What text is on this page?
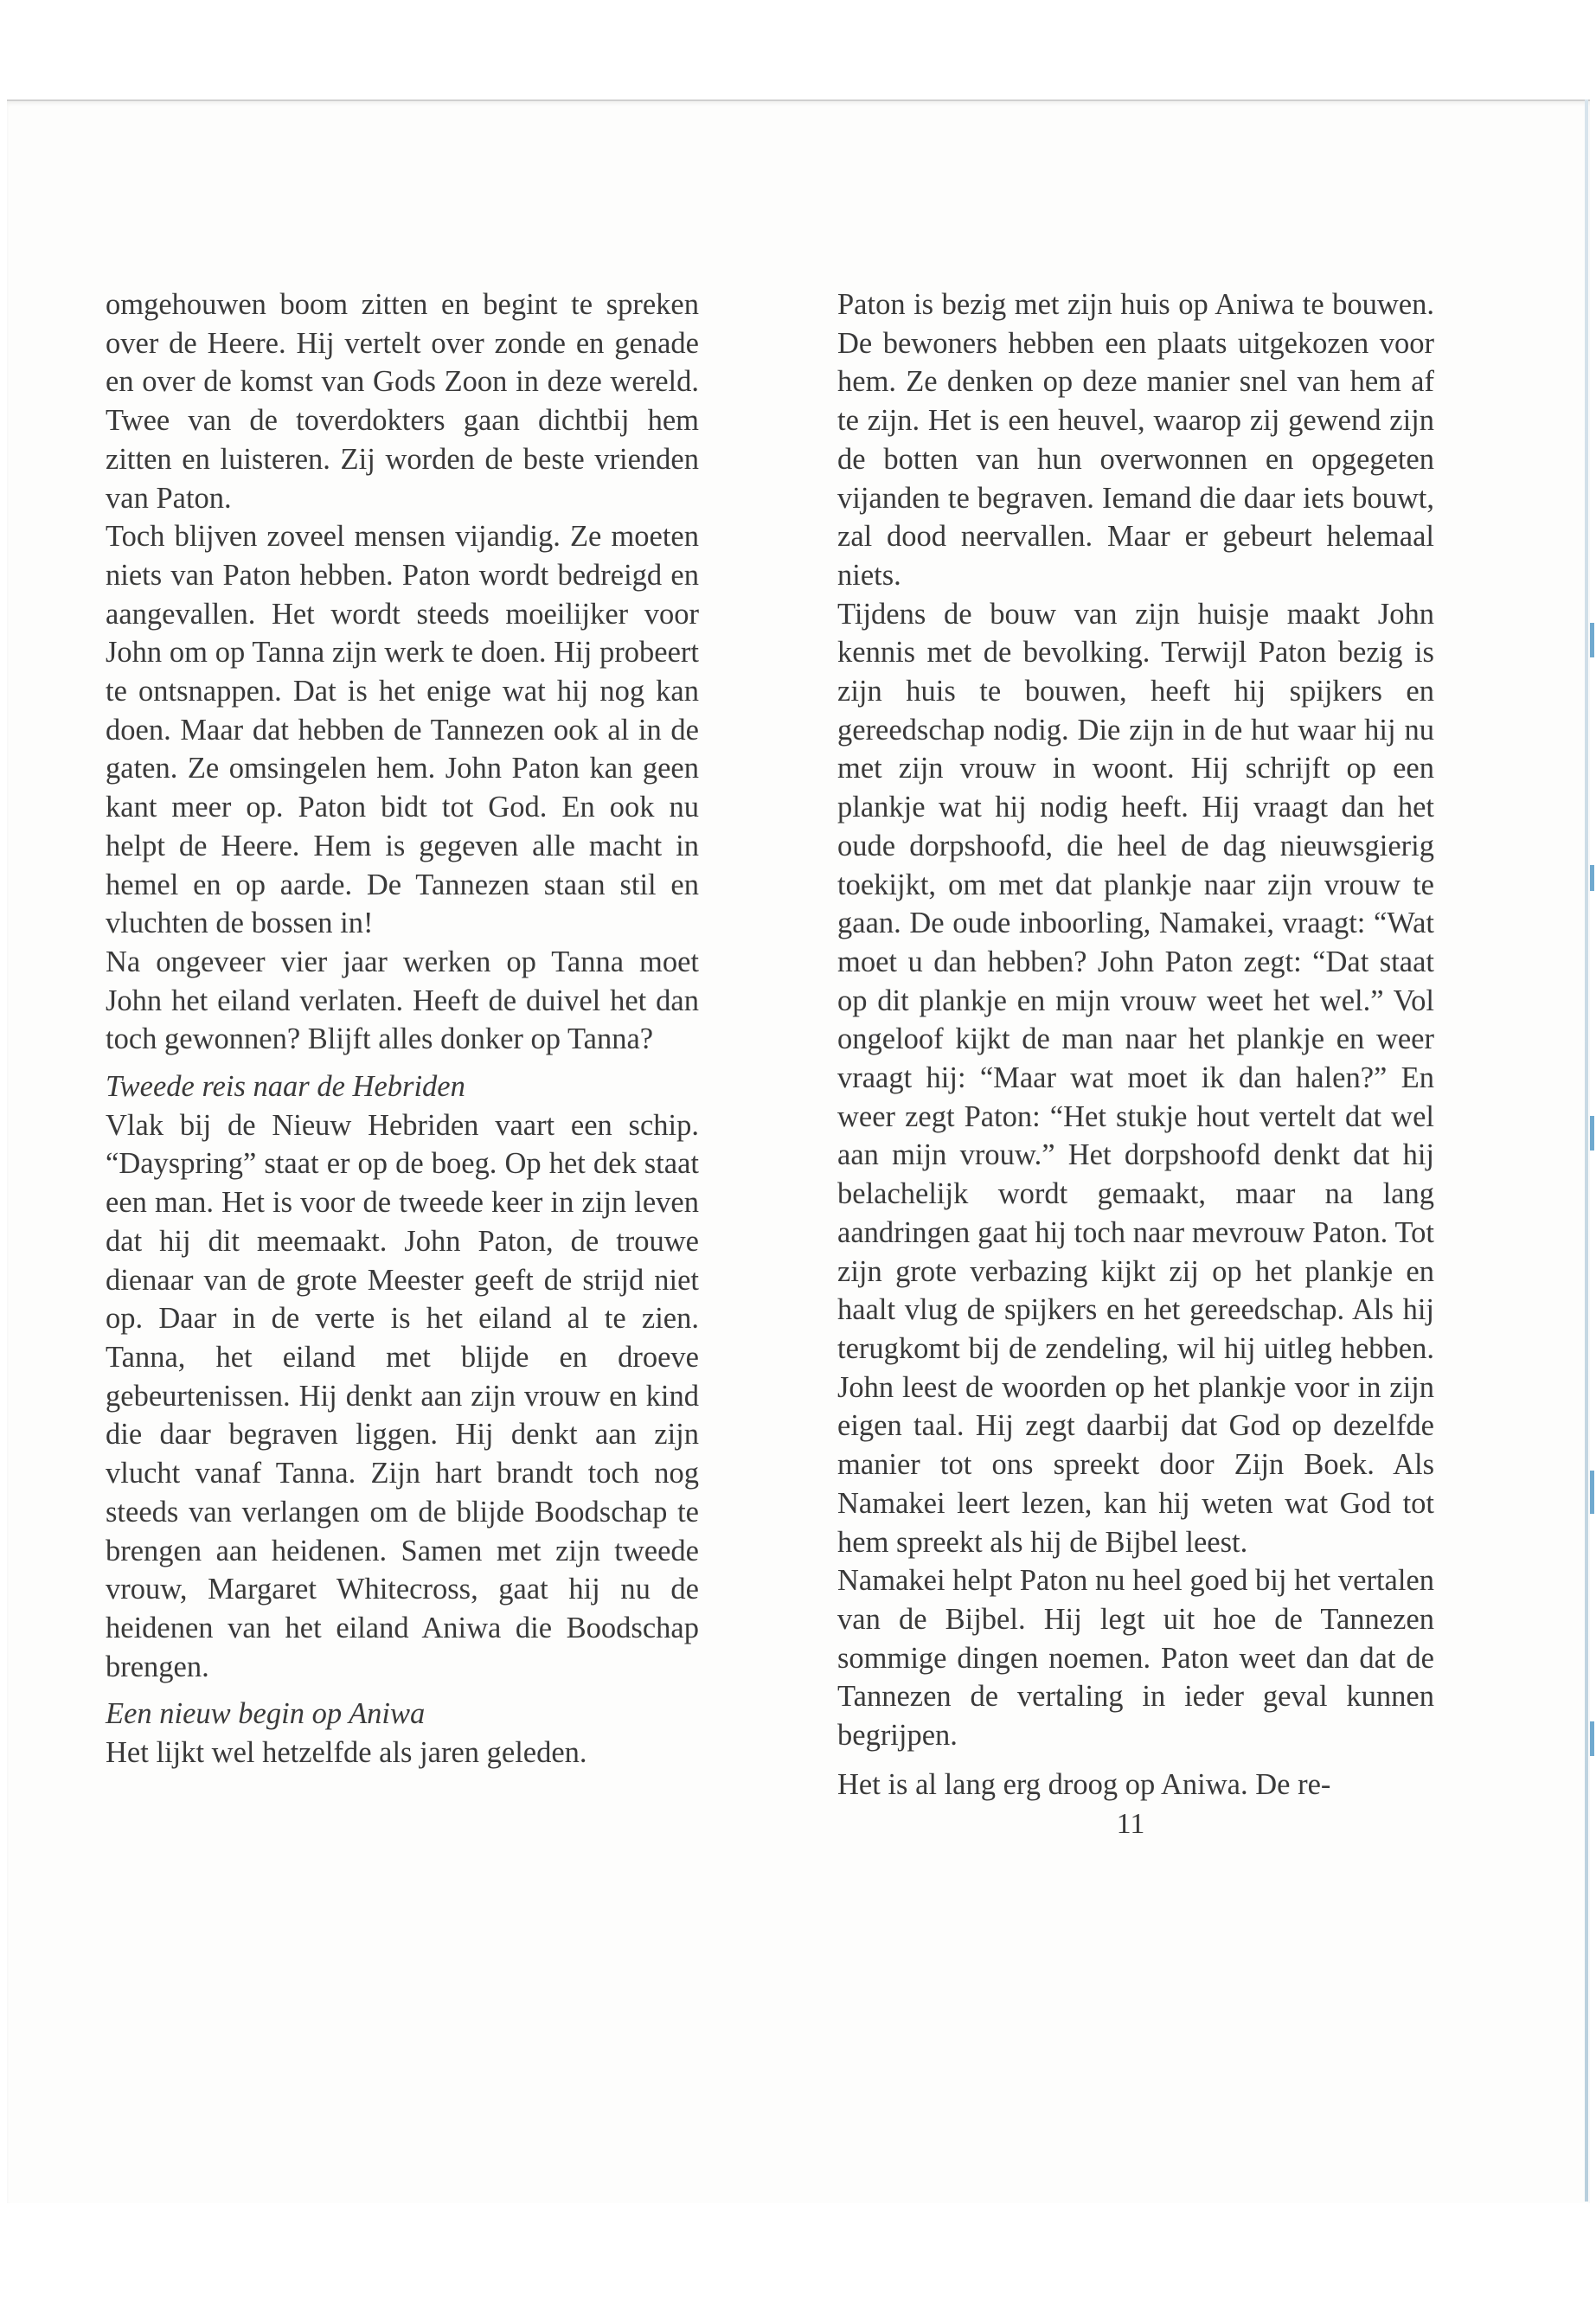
omgehouwen boom zitten en begint te spreken over de Heere. Hij vertelt over zonde en genade en over de komst van Gods Zoon in deze wereld. Twee van de toverdokters gaan dichtbij hem zitten en luisteren. Zij worden de beste vrienden van Paton.

Toch blijven zoveel mensen vijandig. Ze moeten niets van Paton hebben. Paton wordt bedreigd en aangevallen. Het wordt steeds moeilijker voor John om op Tanna zijn werk te doen. Hij probeert te ontsnappen. Dat is het enige wat hij nog kan doen. Maar dat hebben de Tannezen ook al in de gaten. Ze omsingelen hem. John Paton kan geen kant meer op. Paton bidt tot God. En ook nu helpt de Heere. Hem is gegeven alle macht in hemel en op aarde. De Tannezen staan stil en vluchten de bossen in!

Na ongeveer vier jaar werken op Tanna moet John het eiland verlaten. Heeft de duivel het dan toch gewonnen? Blijft alles donker op Tanna?

Tweede reis naar de Hebriden

Vlak bij de Nieuw Hebriden vaart een schip. “Dayspring” staat er op de boeg. Op het dek staat een man. Het is voor de tweede keer in zijn leven dat hij dit meemaakt. John Paton, de trouwe dienaar van de grote Meester geeft de strijd niet op. Daar in de verte is het eiland al te zien. Tanna, het eiland met blijde en droeve gebeurtenissen. Hij denkt aan zijn vrouw en kind die daar begraven liggen. Hij denkt aan zijn vlucht vanaf Tanna. Zijn hart brandt toch nog steeds van verlangen om de blijde Boodschap te brengen aan heidenen. Samen met zijn tweede vrouw, Margaret Whitecross, gaat hij nu de heidenen van het eiland Aniwa die Boodschap brengen.

Een nieuw begin op Aniwa

Het lijkt wel hetzelfde als jaren geleden.

Paton is bezig met zijn huis op Aniwa te bouwen. De bewoners hebben een plaats uitgekozen voor hem. Ze denken op deze manier snel van hem af te zijn. Het is een heuvel, waarop zij gewend zijn de botten van hun overwonnen en opgegeten vijanden te begraven. Iemand die daar iets bouwt, zal dood neervallen. Maar er gebeurt helemaal niets.

Tijdens de bouw van zijn huisje maakt John kennis met de bevolking. Terwijl Paton bezig is zijn huis te bouwen, heeft hij spijkers en gereedschap nodig. Die zijn in de hut waar hij nu met zijn vrouw in woont. Hij schrijft op een plankje wat hij nodig heeft. Hij vraagt dan het oude dorpshoofd, die heel de dag nieuwsgierig toekijkt, om met dat plankje naar zijn vrouw te gaan. De oude inboorling, Namakei, vraagt: “Wat moet u dan hebben? John Paton zegt: “Dat staat op dit plankje en mijn vrouw weet het wel.” Vol ongeloof kijkt de man naar het plankje en weer vraagt hij: “Maar wat moet ik dan halen?” En weer zegt Paton: “Het stukje hout vertelt dat wel aan mijn vrouw.” Het dorpshoofd denkt dat hij belachelijk wordt gemaakt, maar na lang aandringen gaat hij toch naar mevrouw Paton. Tot zijn grote verbazing kijkt zij op het plankje en haalt vlug de spijkers en het gereedschap. Als hij terugkomt bij de zendeling, wil hij uitleg hebben. John leest de woorden op het plankje voor in zijn eigen taal. Hij zegt daarbij dat God op dezelfde manier tot ons spreekt door Zijn Boek. Als Namakei leert lezen, kan hij weten wat God tot hem spreekt als hij de Bijbel leest.

Namakei helpt Paton nu heel goed bij het vertalen van de Bijbel. Hij legt uit hoe de Tannezen sommige dingen noemen. Paton weet dan dat de Tannezen de vertaling in ieder geval kunnen begrijpen.

Het is al lang erg droog op Aniwa. De re-

11
